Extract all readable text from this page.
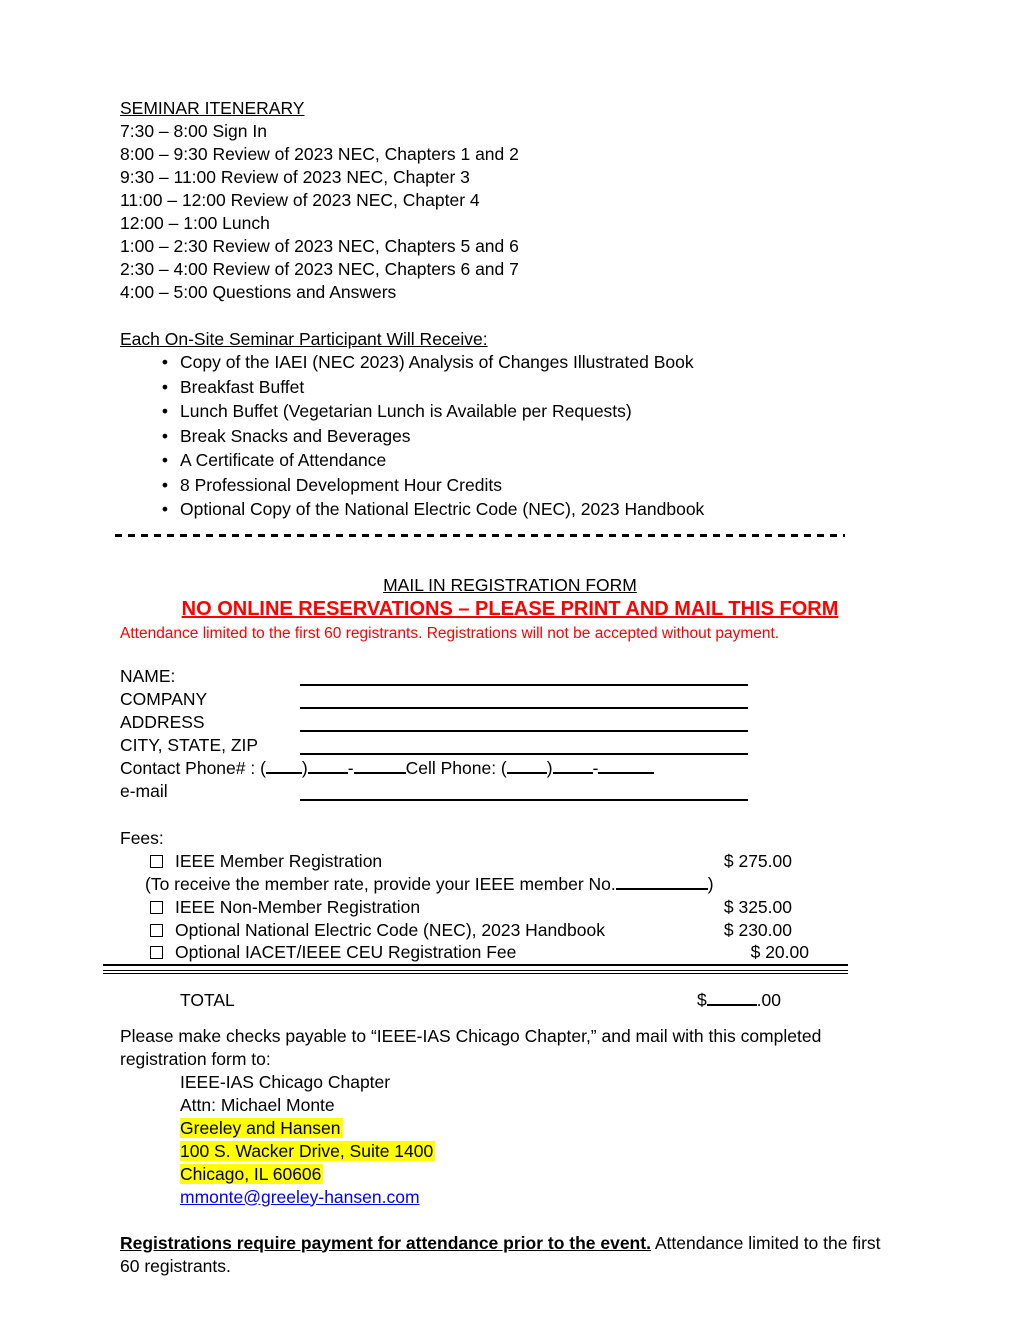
SEMINAR ITENERARY
7:30 – 8:00 Sign In
8:00 – 9:30 Review of 2023 NEC, Chapters 1 and 2
9:30 – 11:00 Review of 2023 NEC, Chapter 3
11:00 – 12:00 Review of 2023 NEC, Chapter 4
12:00 – 1:00 Lunch
1:00 – 2:30 Review of 2023 NEC, Chapters 5 and 6
2:30 – 4:00 Review of 2023 NEC, Chapters 6 and 7
4:00 – 5:00 Questions and Answers
Each On-Site Seminar Participant Will Receive:
• Copy of the IAEI (NEC 2023) Analysis of Changes Illustrated Book
• Breakfast Buffet
• Lunch Buffet (Vegetarian Lunch is Available per Requests)
• Break Snacks and Beverages
• A Certificate of Attendance
• 8 Professional Development Hour Credits
• Optional Copy of the National Electric Code (NEC), 2023 Handbook
MAIL IN REGISTRATION FORM
NO ONLINE RESERVATIONS – PLEASE PRINT AND MAIL THIS FORM
Attendance limited to the first 60 registrants. Registrations will not be accepted without payment.
NAME:
COMPANY
ADDRESS
CITY, STATE, ZIP
Contact Phone# : ( ) -	Cell Phone: ( ) -
e-mail
Fees:
IEEE Member Registration	$ 275.00
(To receive the member rate, provide your IEEE member No.	)
IEEE Non-Member Registration	$ 325.00
Optional National Electric Code (NEC), 2023 Handbook	$ 230.00
Optional IACET/IEEE CEU Registration Fee	$ 20.00
TOTAL	$	.00
Please make checks payable to “IEEE-IAS Chicago Chapter,” and mail with this completed registration form to:
IEEE-IAS Chicago Chapter
Attn: Michael Monte
Greeley and Hansen
100 S. Wacker Drive, Suite 1400
Chicago, IL 60606
mmonte@greeley-hansen.com
Registrations require payment for attendance prior to the event. Attendance limited to the first 60 registrants.
